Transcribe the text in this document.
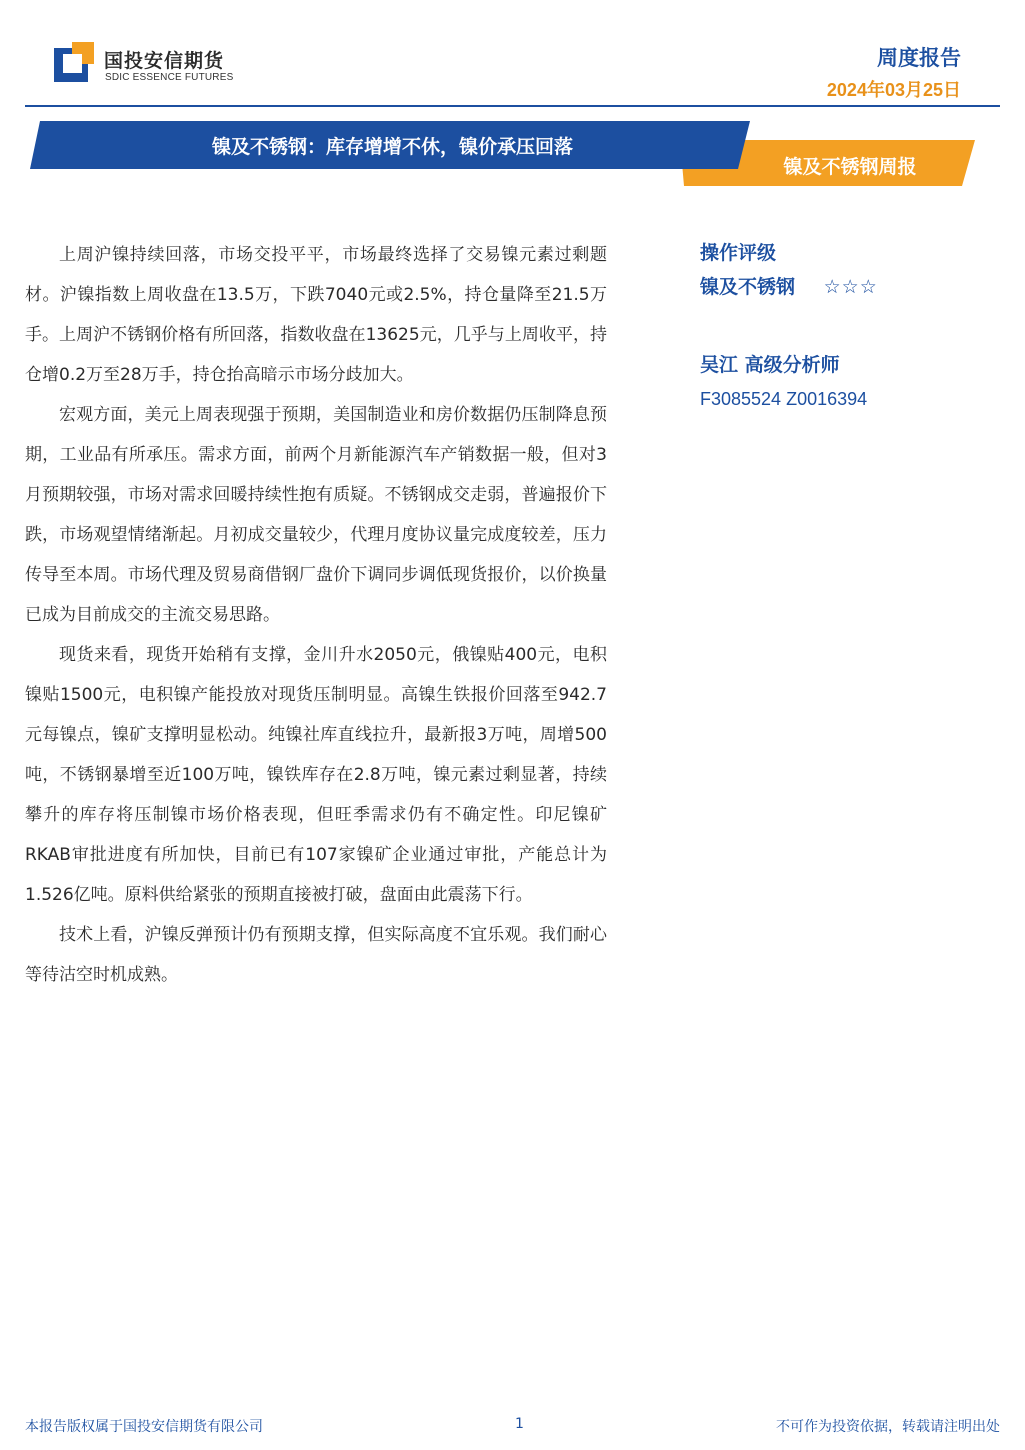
国投安信期货
SDIC ESSENCE FUTURES
周度报告
2024年03月25日
镍及不锈钢：库存增增不休，镍价承压回落
镍及不锈钢周报

上周沪镍持续回落，市场交投平平，市场最终选择了交易镍元素过剩题材。沪镍指数上周收盘在13.5万，下跌7040元或2.5%，持仓量降至21.5万手。上周沪不锈钢价格有所回落，指数收盘在13625元，几乎与上周收平，持仓增0.2万至28万手，持仓抬高暗示市场分歧加大。

宏观方面，美元上周表现强于预期，美国制造业和房价数据仍压制降息预期，工业品有所承压。需求方面，前两个月新能源汽车产销数据一般，但对3月预期较强，市场对需求回暖持续性抱有质疑。不锈钢成交走弱，普遍报价下跌，市场观望情绪渐起。月初成交量较少，代理月度协议量完成度较差，压力传导至本周。市场代理及贸易商借钢厂盘价下调同步调低现货报价，以价换量已成为目前成交的主流交易思路。

现货来看，现货开始稍有支撑，金川升水2050元，俄镍贴400元，电积镍贴1500元，电积镍产能投放对现货压制明显。高镍生铁报价回落至942.7元每镍点，镍矿支撑明显松动。纯镍社库直线拉升，最新报3万吨，周增500吨，不锈钢暴增至近100万吨，镍铁库存在2.8万吨，镍元素过剩显著，持续攀升的库存将压制镍市场价格表现，但旺季需求仍有不确定性。印尼镍矿RKAB审批进度有所加快，目前已有107家镍矿企业通过审批，产能总计为1.526亿吨。原料供给紧张的预期直接被打破，盘面由此震荡下行。

技术上看，沪镍反弹预计仍有预期支撑，但实际高度不宜乐观。我们耐心等待沽空时机成熟。

操作评级
镍及不锈钢 ☆☆☆
吴江 高级分析师
F3085524 Z0016394
本报告版权属于国投安信期货有限公司	1	不可作为投资依据，转载请注明出处
